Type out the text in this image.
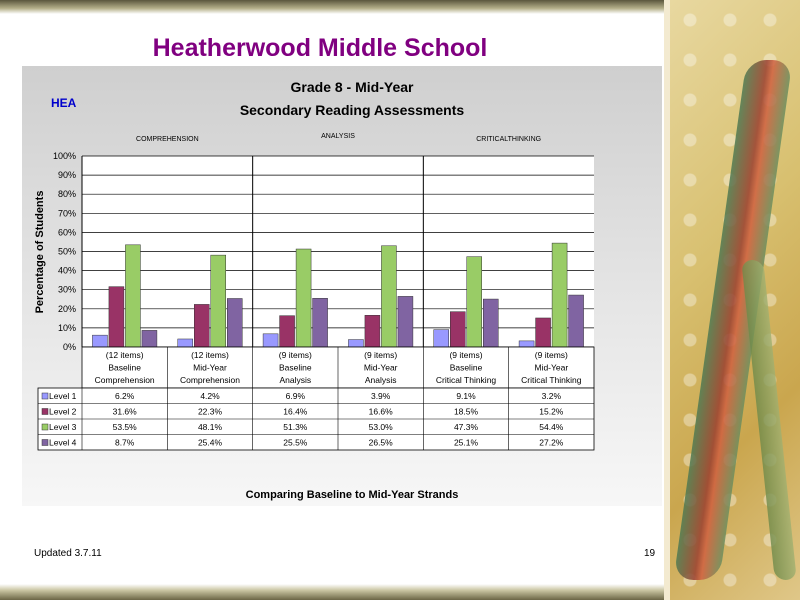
Heatherwood Middle School
HEA
Grade 8 - Mid-Year
Secondary Reading Assessments
Percentage of Students
Comparing Baseline to Mid-Year Strands
0%
10%
20%
30%
40%
50%
60%
70%
80%
90%
100%
COMPREHENSION	ANALYSIS	CRITICALTHINKING
(12 items)
Baseline
Comprehension
(12 items)
Mid-Year
Comprehension
(9 items)
Baseline
Analysis
(9 items)
Mid-Year
Analysis
(9 items)
Baseline
Critical Thinking
(9 items)
Mid-Year
Critical Thinking
Level 1	6.2%	4.2%	6.9%	3.9%	9.1%	3.2%
Level 2	31.6%	22.3%	16.4%	16.6%	18.5%	15.2%
Level 3	53.5%	48.1%	51.3%	53.0%	47.3%	54.4%
Level 4	8.7%	25.4%	25.5%	26.5%	25.1%	27.2%
Updated 3.7.11	19
